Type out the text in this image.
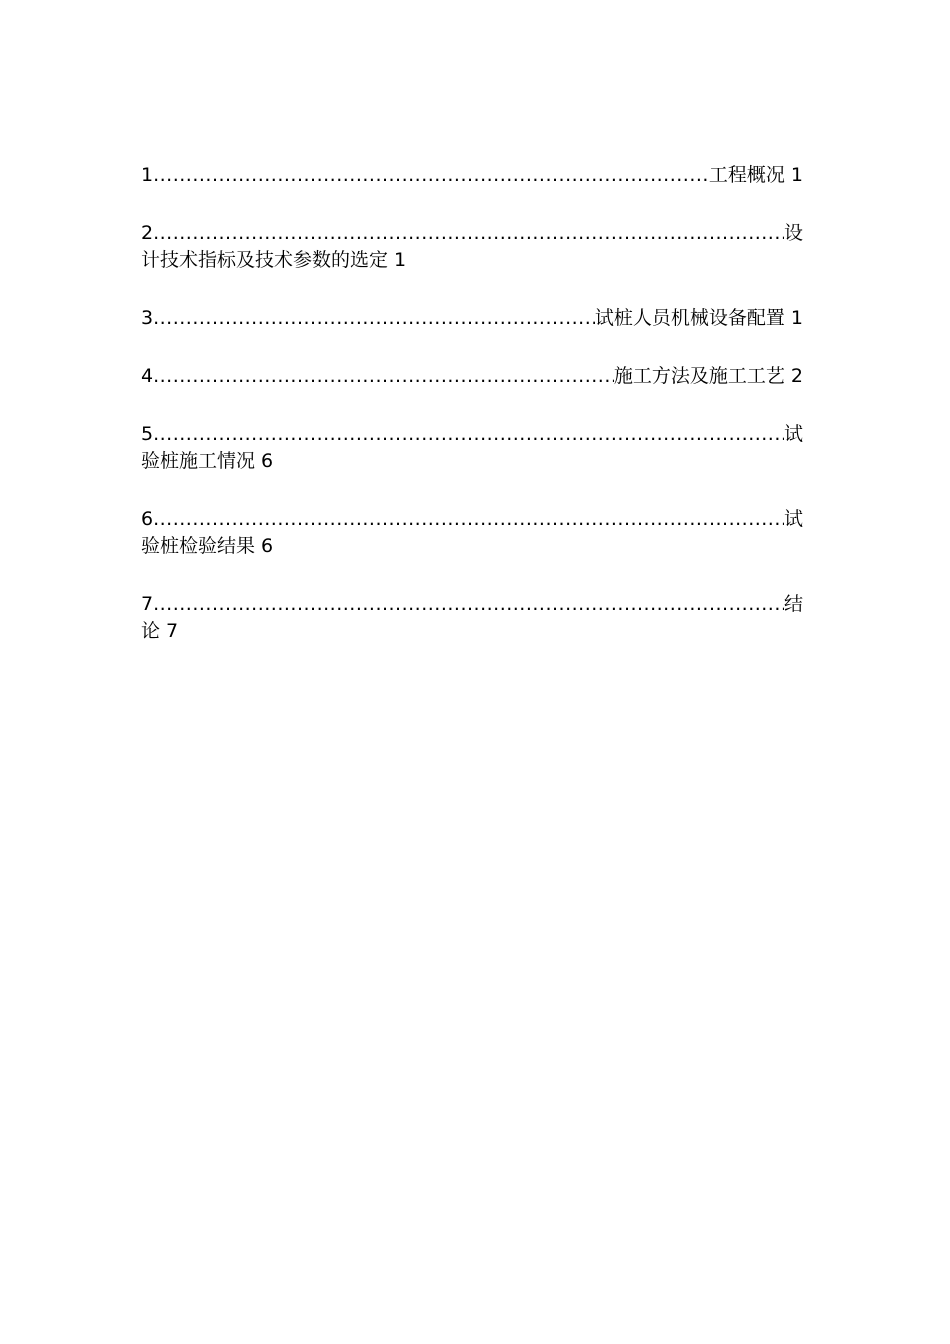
1 .....	工程概况 1
2 .....	设
计技术指标及技术参数的选定 1
3 .....	试桩人员机械设备配置 1
4 .....	施工方法及施工工艺 2
5 .....	试
验桩施工情况 6
6 .....	试
验桩检验结果 6
7 .....	结
论 7
